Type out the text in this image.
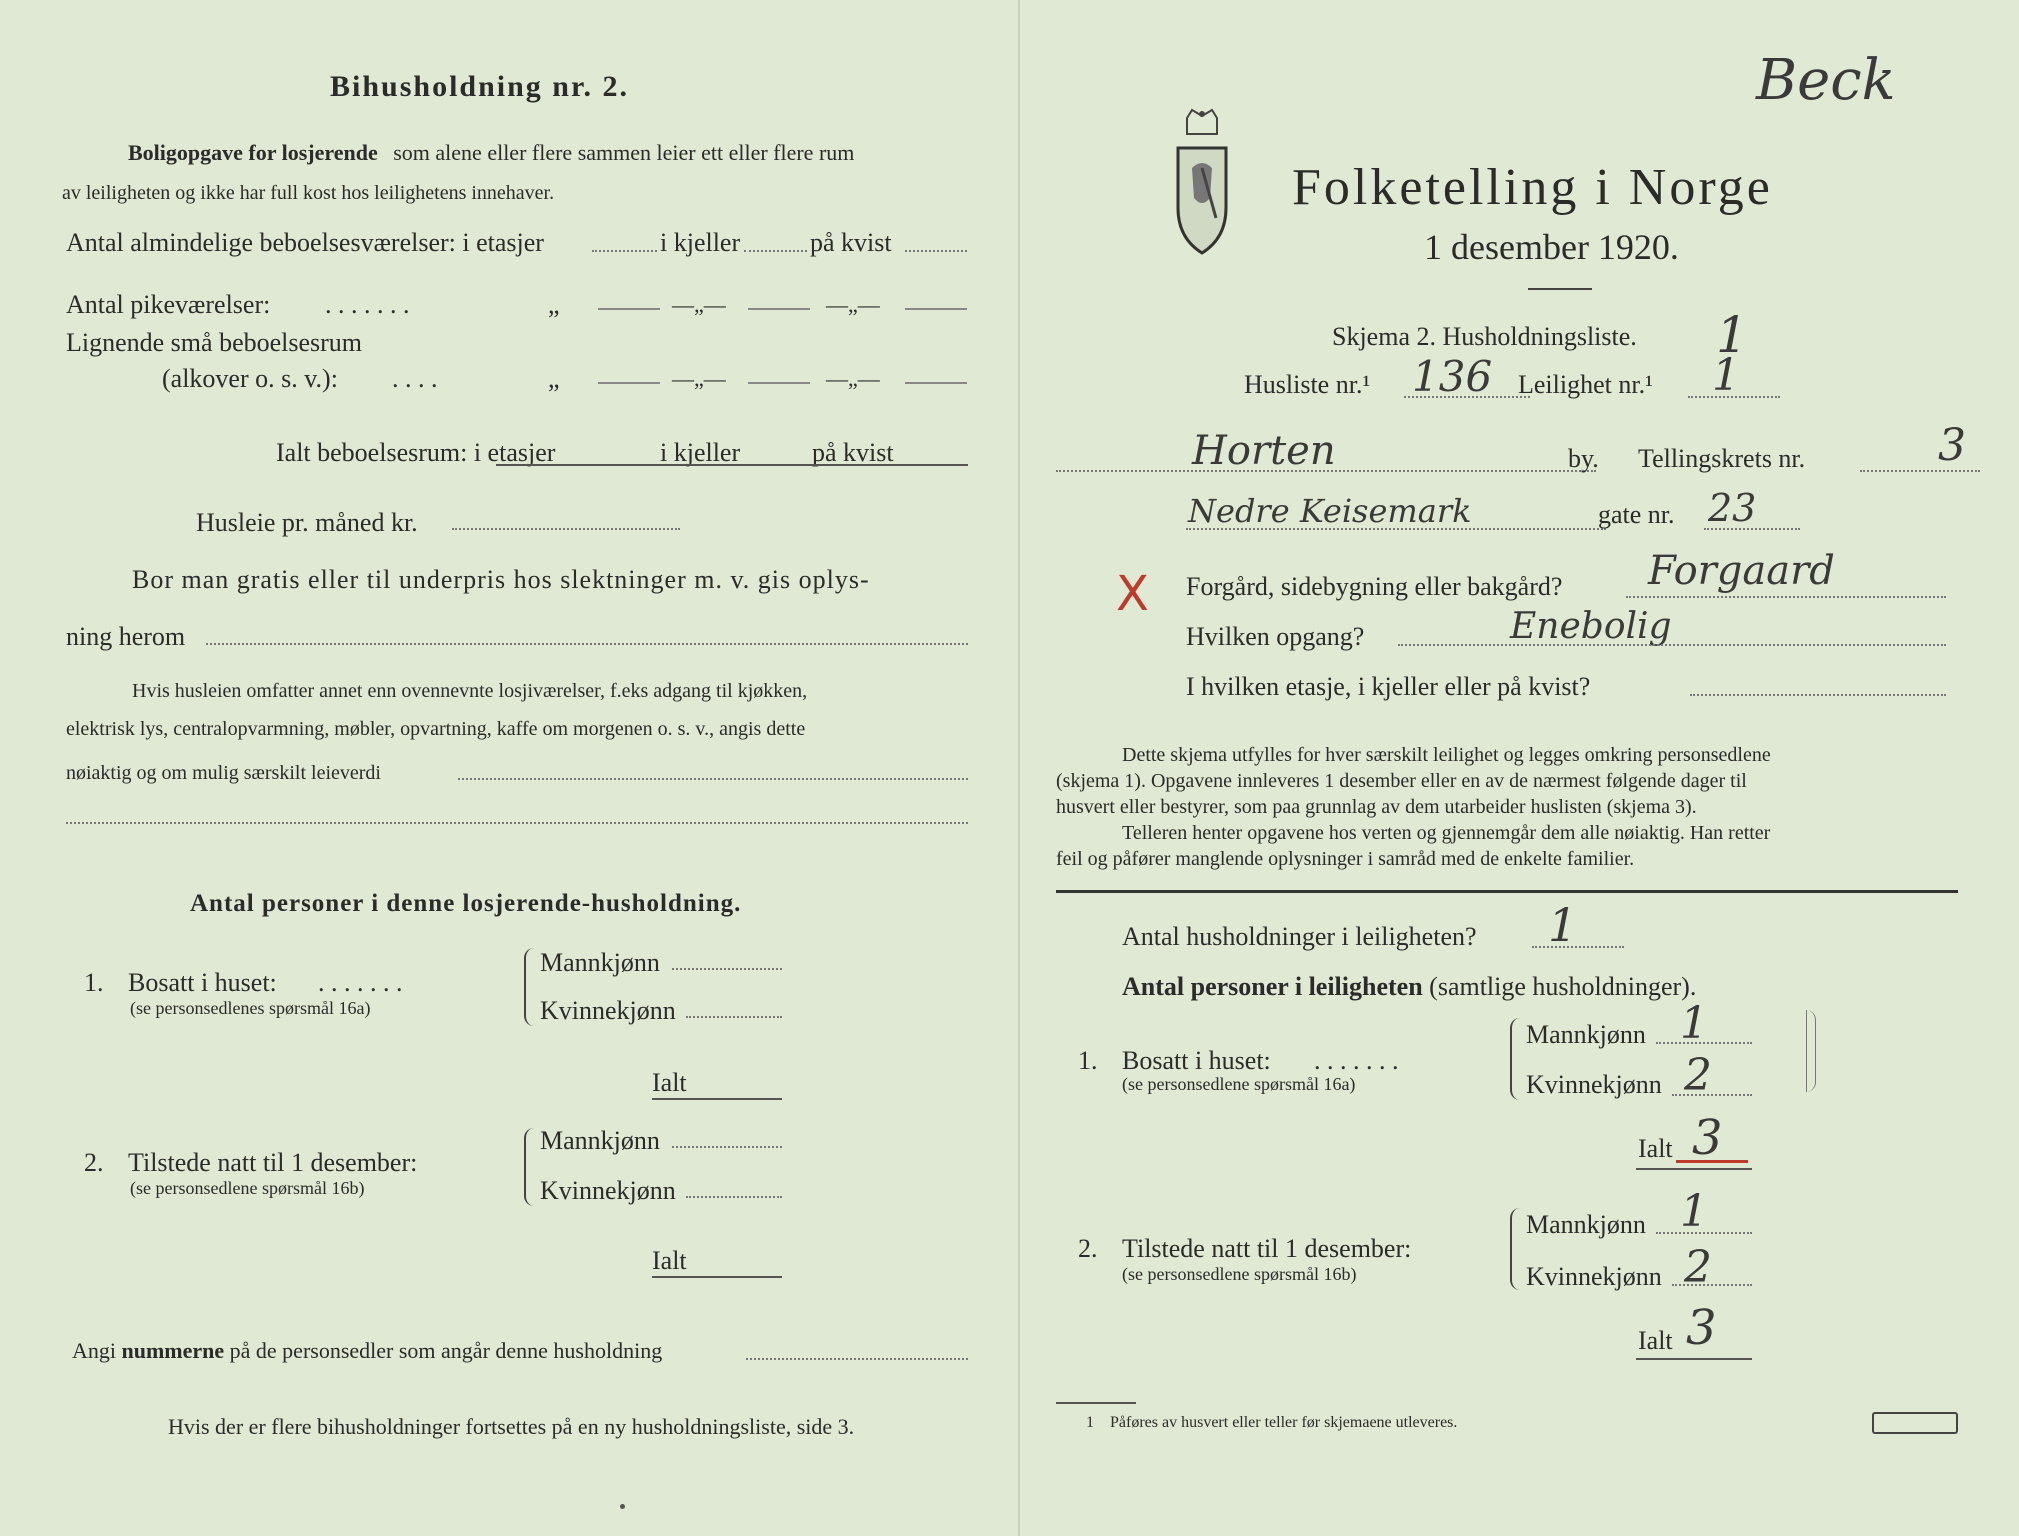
Bihusholdning nr. 2.
Boligopgave for losjerende som alene eller flere sammen leier ett eller flere rum
av leiligheten og ikke har full kost hos leilighetens innehaver.
Antal almindelige beboelsesværelser: i etasjer	i kjeller	på kvist
Antal pikeværelser: . . . . . . .	„	—„—	—„—
Lignende små beboelsesrum
(alkover o. s. v.): . . . .	„	—„—	—„—
Ialt beboelsesrum: i etasjer	i kjeller	på kvist
Husleie pr. måned kr.
Bor man gratis eller til underpris hos slektninger m. v. gis oplys-
ning herom
Hvis husleien omfatter annet enn ovennevnte losjiværelser, f.eks adgang til kjøkken,
elektrisk lys, centralopvarmning, møbler, opvartning, kaffe om morgenen o. s. v., angis dette
nøiaktig og om mulig særskilt leieverdi
Antal personer i denne losjerende-husholdning.
1. Bosatt i huset: . . . . . . .
(se personsedlenes spørsmål 16a)
Mannkjønn
Kvinnekjønn
Ialt
2. Tilstede natt til 1 desember:
(se personsedlene spørsmål 16b)
Mannkjønn
Kvinnekjønn
Ialt
Angi nummerne på de personsedler som angår denne husholdning
Hvis der er flere bihusholdninger fortsettes på en ny husholdningsliste, side 3.
Beck
Folketelling i Norge
1 desember 1920.
Skjema 2. Husholdningsliste. 1
Husliste nr.¹ 136 Leilighet nr.¹ 1
Horten	by. Tellingskrets nr.	3
Nedre Keisemark	gate nr. 23
X Forgård, sidebygning eller bakgård? Forgaard
Hvilken opgang?	Enebolig
I hvilken etasje, i kjeller eller på kvist?
Dette skjema utfylles for hver særskilt leilighet og legges omkring personsedlene
(skjema 1). Opgavene innleveres 1 desember eller en av de nærmest følgende dager til
husvert eller bestyrer, som paa grunnlag av dem utarbeider huslisten (skjema 3).
Telleren henter opgavene hos verten og gjennemgår dem alle nøiaktig. Han retter
feil og påfører manglende oplysninger i samråd med de enkelte familier.
Antal husholdninger i leiligheten? 1
Antal personer i leiligheten (samtlige husholdninger).
1. Bosatt i huset: . . . . . . .
(se personsedlene spørsmål 16a)
Mannkjønn 1
Kvinnekjønn 2
Ialt 3
2. Tilstede natt til 1 desember:
(se personsedlene spørsmål 16b)
Mannkjønn 1
Kvinnekjønn 2
Ialt 3
1 Påføres av husvert eller teller før skjemaene utleveres.
